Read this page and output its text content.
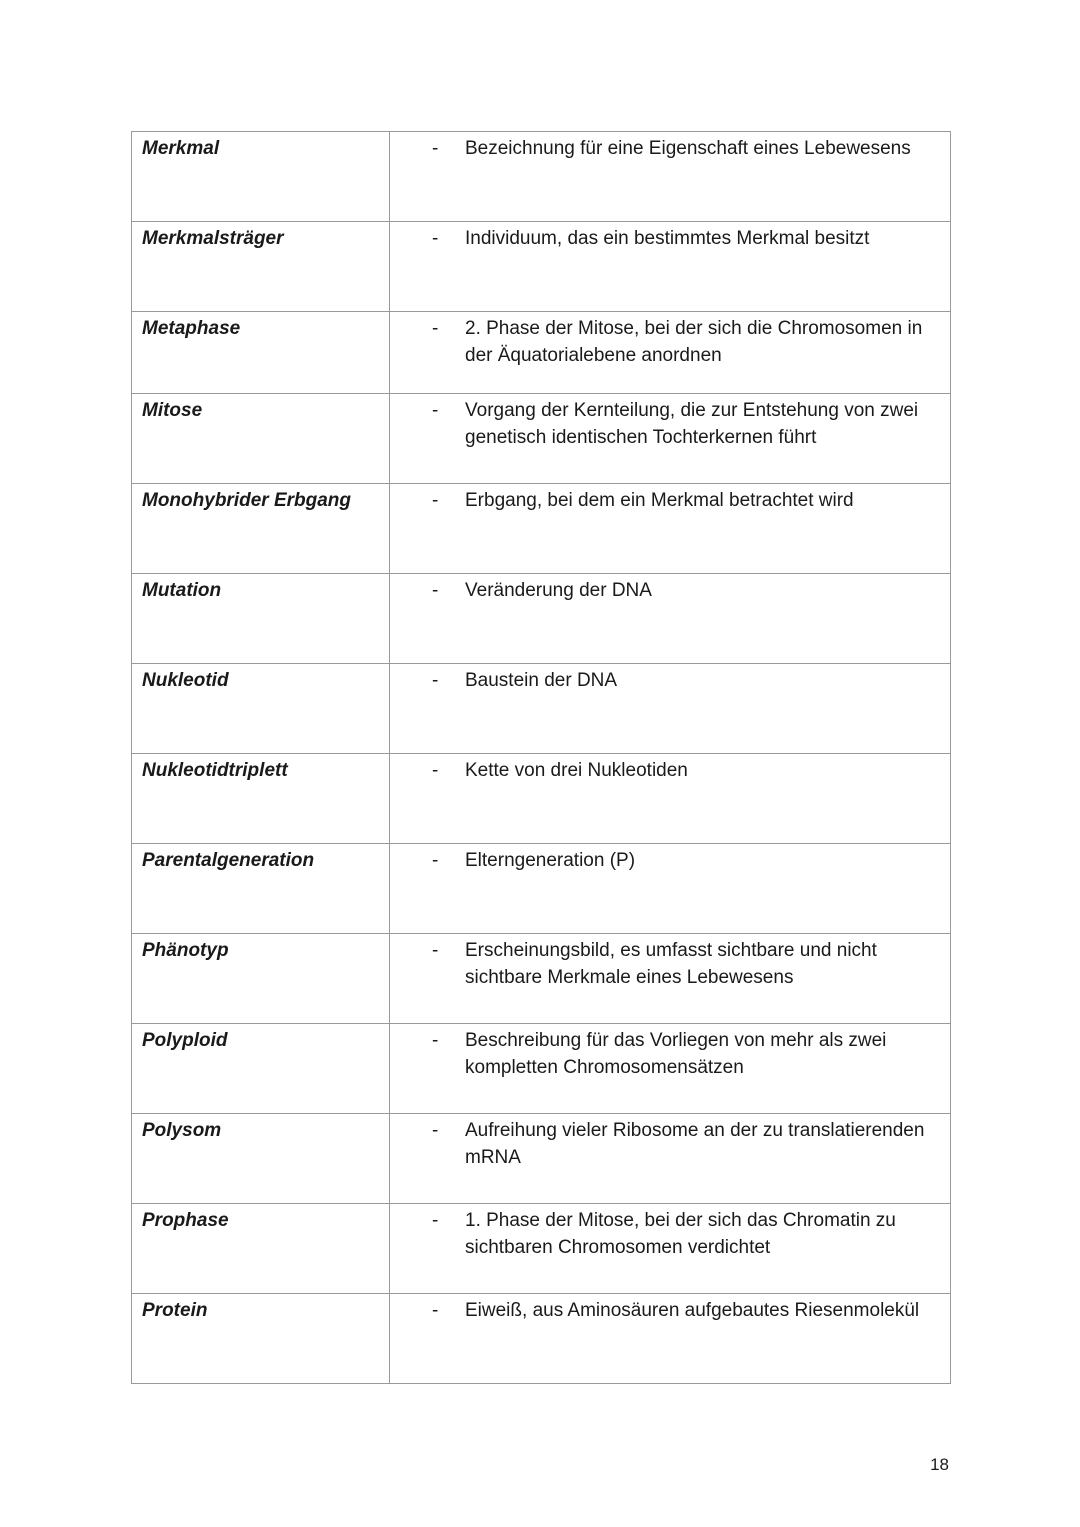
Merkmal	- Bezeichnung für eine Eigenschaft eines Lebewesens

Merkmalsträger	- Individuum, das ein bestimmtes Merkmal besitzt

Metaphase	- 2. Phase der Mitose, bei der sich die Chromosomen in der Äquatorialebene anordnen

Mitose	- Vorgang der Kernteilung, die zur Entstehung von zwei genetisch identischen Tochterkernen führt

Monohybrider Erbgang	- Erbgang, bei dem ein Merkmal betrachtet wird

Mutation	- Veränderung der DNA

Nukleotid	- Baustein der DNA

Nukleotidtriplett	- Kette von drei Nukleotiden

Parentalgeneration	- Elterngeneration (P)

Phänotyp	- Erscheinungsbild, es umfasst sichtbare und nicht sichtbare Merkmale eines Lebewesens

Polyploid	- Beschreibung für das Vorliegen von mehr als zwei kompletten Chromosomensätzen

Polysom	- Aufreihung vieler Ribosome an der zu translatierenden mRNA

Prophase	- 1. Phase der Mitose, bei der sich das Chromatin zu sichtbaren Chromosomen verdichtet

Protein	- Eiweiß, aus Aminosäuren aufgebautes Riesenmolekül
18
